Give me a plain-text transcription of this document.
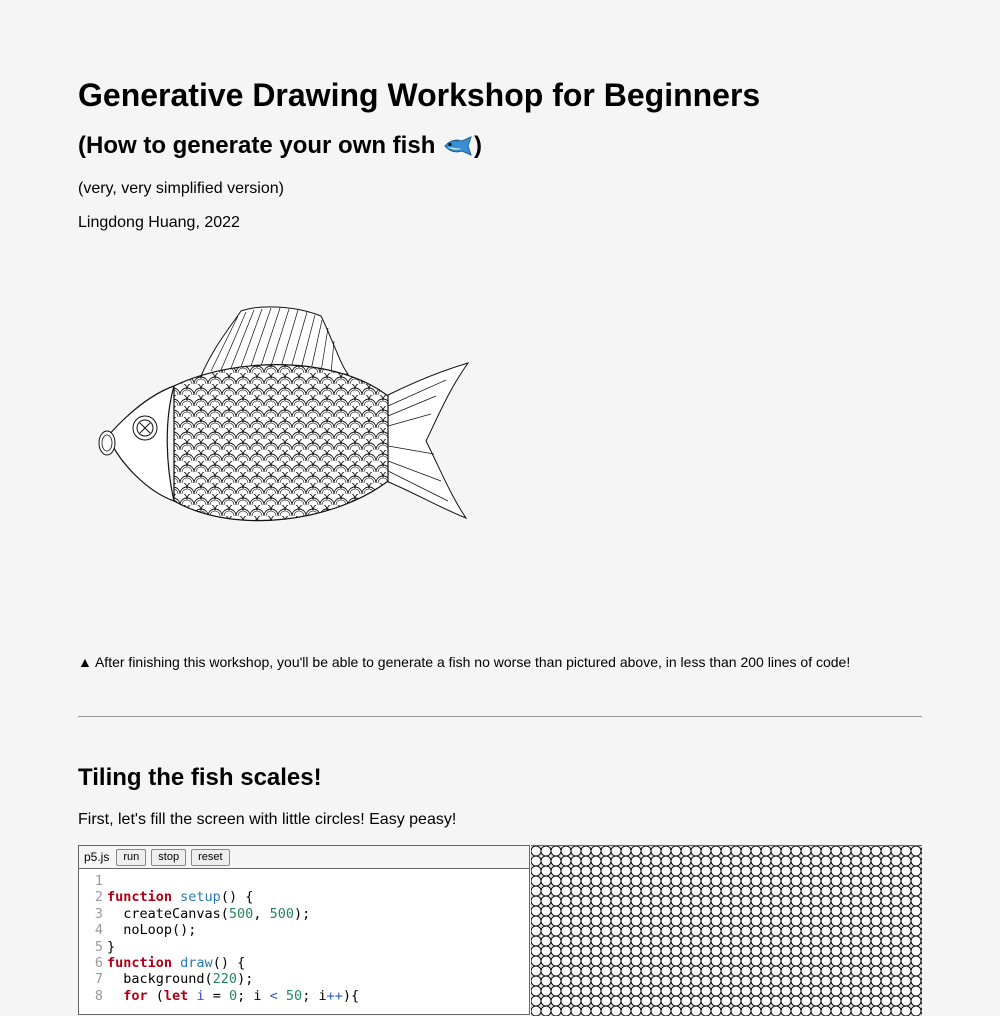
Generative Drawing Workshop for Beginners
(How to generate your own fish )

(very, very simplified version)

Lingdong Huang, 2022

▲ After finishing this workshop, you'll be able to generate a fish no worse than pictured above, in less than 200 lines of code!

Tiling the fish scales!

First, let's fill the screen with little circles! Easy peasy!

p5.js	run	stop	reset
1
2 function
setup () {
3 createCanvas( 500 , 500 );
4 noLoop();
5 }
6 function
draw () {
7 background( 220 );
8
for ( let
i = 0 ; i <
50 ; i ++ ){
